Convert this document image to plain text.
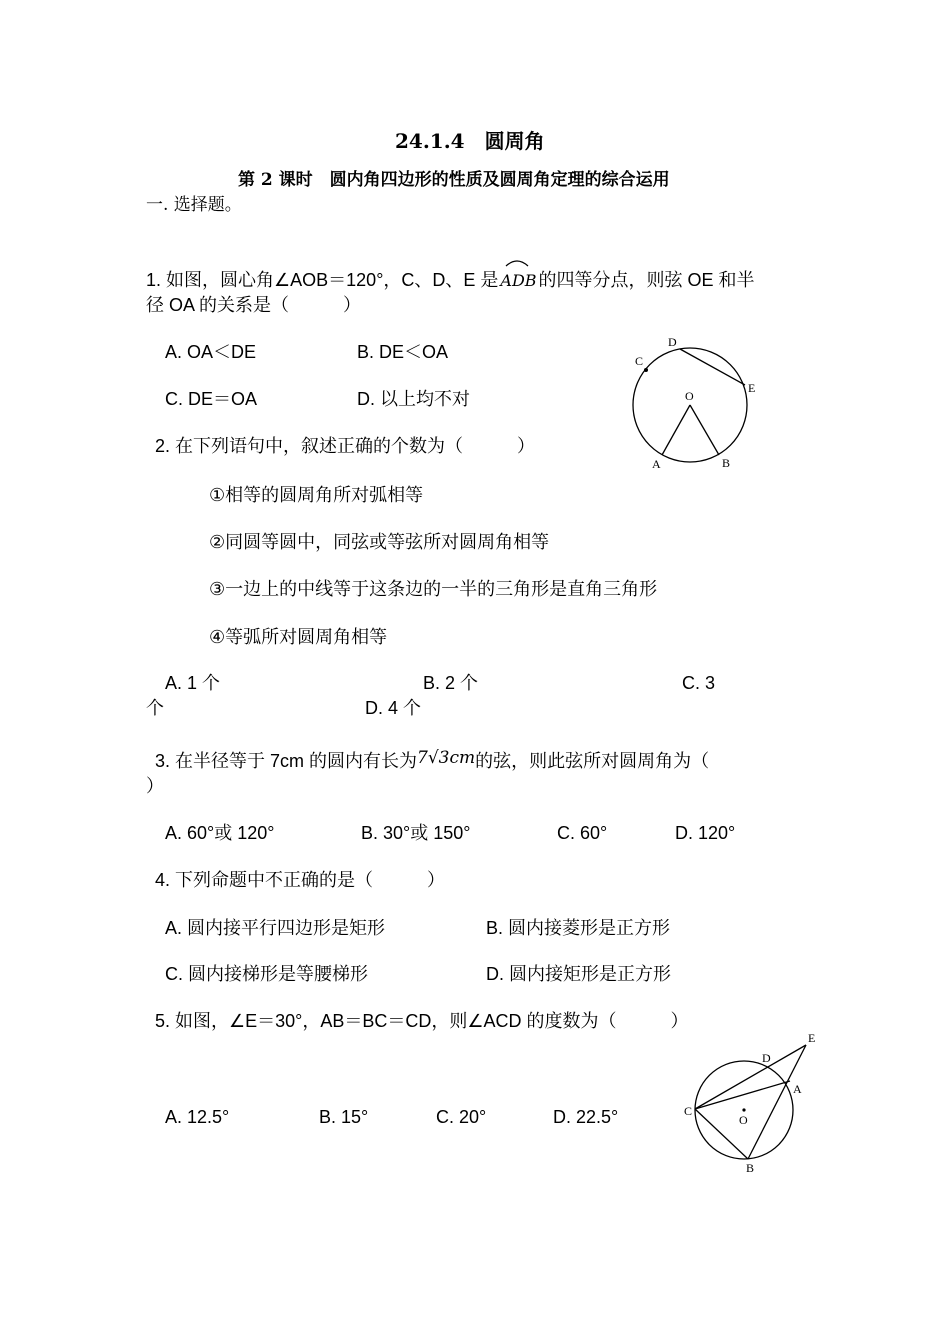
24.1.4　圆周角
第 2 课时　圆内角四边形的性质及圆周角定理的综合运用
一. 选择题。
1. 如图，圆心角∠AOB＝120°，C、D、E 是 ADB 的四等分点，则弦 OE 和半
径 OA 的关系是（　　　）
A. OA＜DE	B. DE＜OA
C. DE＝OA	D. 以上均不对
A	B
C
D
E
O
2. 在下列语句中，叙述正确的个数为（　　　）
①相等的圆周角所对弧相等
②同圆等圆中，同弦或等弦所对圆周角相等
③一边上的中线等于这条边的一半的三角形是直角三角形
④等弧所对圆周角相等
A. 1 个	B. 2 个	C. 3
个	D. 4 个
3. 在半径等于 7cm 的圆内有长为7√3cm的弦，则此弦所对圆周角为（
）
A. 60°或 120°	B. 30°或 150°	C. 60°	D. 120°
4. 下列命题中不正确的是（　　　）
A. 圆内接平行四边形是矩形	B. 圆内接菱形是正方形
C. 圆内接梯形是等腰梯形	D. 圆内接矩形是正方形
5. 如图，∠E＝30°，AB＝BC＝CD，则∠ACD 的度数为（　　　）
A. 12.5°	B. 15°	C. 20°	D. 22.5°
A
B
C
D
E
O
